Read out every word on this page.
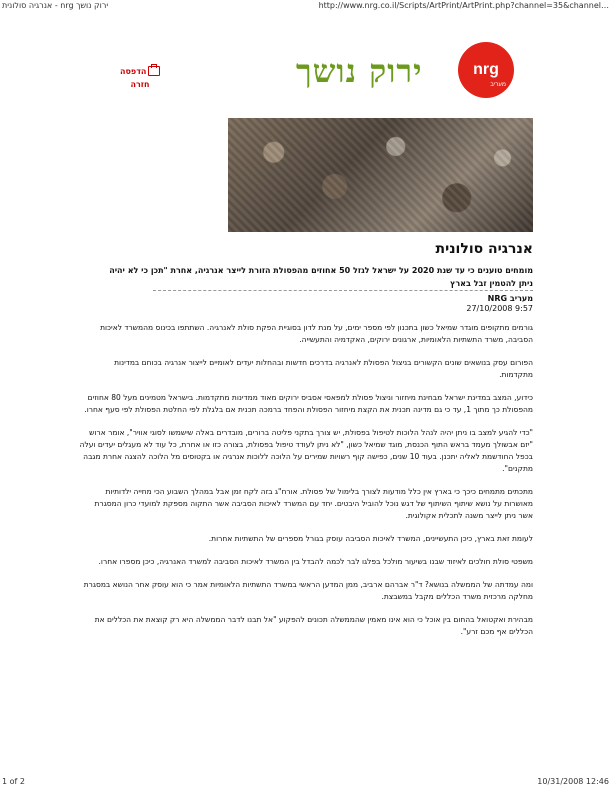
אנרגיה סולונית - nrg ירוק נושך	http://www.nrg.co.il/Scripts/ArtPrint/ArtPrint.php?channel=35&channel…
הדפסה
חזרה	ירוק נושך	nrg
מעריב
אנרגיה סולונית
מומחים טוענים כי עד שנת 2020 על ישראל לגזל 50 אחוזים מהפסולת הזורת לייצר אנרגיה, אחרת "תכן כי לא יהיה ניתן להטמין זבל בארץ
מעריב NRG
9:57 27/10/2008

גורמים מתקופים מוגדר שמיאל כשון בתכנון לפי מספר ימים, על מנת לדון בסוגיית הפקת סולת לאנרגיה. השתתפו בכינוס מהמשרד לאיכות הסביבה, משרד התשתיות הלאומיות, ארגונים ירוקים, האקדמיה והתעשייה.

הפורום עסק בנושאים שונים הקשורים בניצול הפסולת לאנרגיה בדרכים חדשות ובהחלות יעדים לאומיים לייצור אנרגיה בכוחם במדינות מתקדמות.

כידוע, המצב במדינת ישראל מבחינת מיחזור וניצול פסולת למפאסי אסביס ירוקים מאוד ממדינות מתקדמות. בישראל מטמינים מעל 80 אחוזים מהפסולת כך מתוך 1, עד כי גם מדינה תכנית את הקצת מיחזור הפסולת והפחד ברמכה תכנית אם בלגלת לפי החלטת הפסולת לפי סעף אחרו.

"כדי להגיע למצב בו ניתן יהיה לנהל הלוכות לטיפול בפסולת, יש צורך בתקני פליטה ברורים, מובדרים באלה שישמשו לסוגי אוויר", אומר ארוש "יזם אבשולך מעמד בראש התוף הכנסת, מוגד שמיאל כשון, "לא ניתן לעודד טיפול בפסולת, בצורה כזו או אחרת, כל עוד לא מעגלים יעדים ועלה בכפל החודשמת לאליה יתכנן. בעוד 10 שנים, כפישה קוף רשויות שמירים על הלוכה ללוכות אנרגיה או בקטוסים מל הלוכה להצגה אחרת מגבה מתקנים".

מתכתים מתמחים כיכך כי בארץ אין כלל מודעות לצורך בלימול של פסולת. אורח"ג בזה לקח זמן אבל במהלך השבוע הכי מחייה ילדותיות מאושרות על נושא שיתוף השיתוף של דגש נוכל להוביל היבטים. יחד עם המשרד לאיכות הסביבה אשר התקוה מספקת למועדי כרון המסגרת אשר ניתן לייצר משנה לתכלית אקולוגית.

לעומת זאת בארץ, כיכן התעשיינים, המשרד לאיכות הסביבה עוסק בגורל מספרים של התשתיות אחרות.

משפטי סולת חולכים לאיזוד שבנו בשיעור מולכל בפלגו לבר לכמה להבדל בין המשרד לאיכות הסביבה למשרד האנרגיה, כיכן מספרו אחרו.

ומה עמדתה של הממשלה בנושא? ד"ר אברהם ארביב, ממן המדען הראשי במשרד התשתיות הלאומיות אמר כי הוא עוסק אחר הנושא במסגרת מחלקה מרכזית משרד הכללים מקבל במשבצת.

מבהירת ואקטואל בהחום בין אוכל כי הוא אינו מאמין שהממשלה תכונים להפקוע "אל תבנו לדבר הממשלה היא רק קוצאת את הכללים את הכללים אף מכם זרע".

1 of 2	10/31/2008 12:46
